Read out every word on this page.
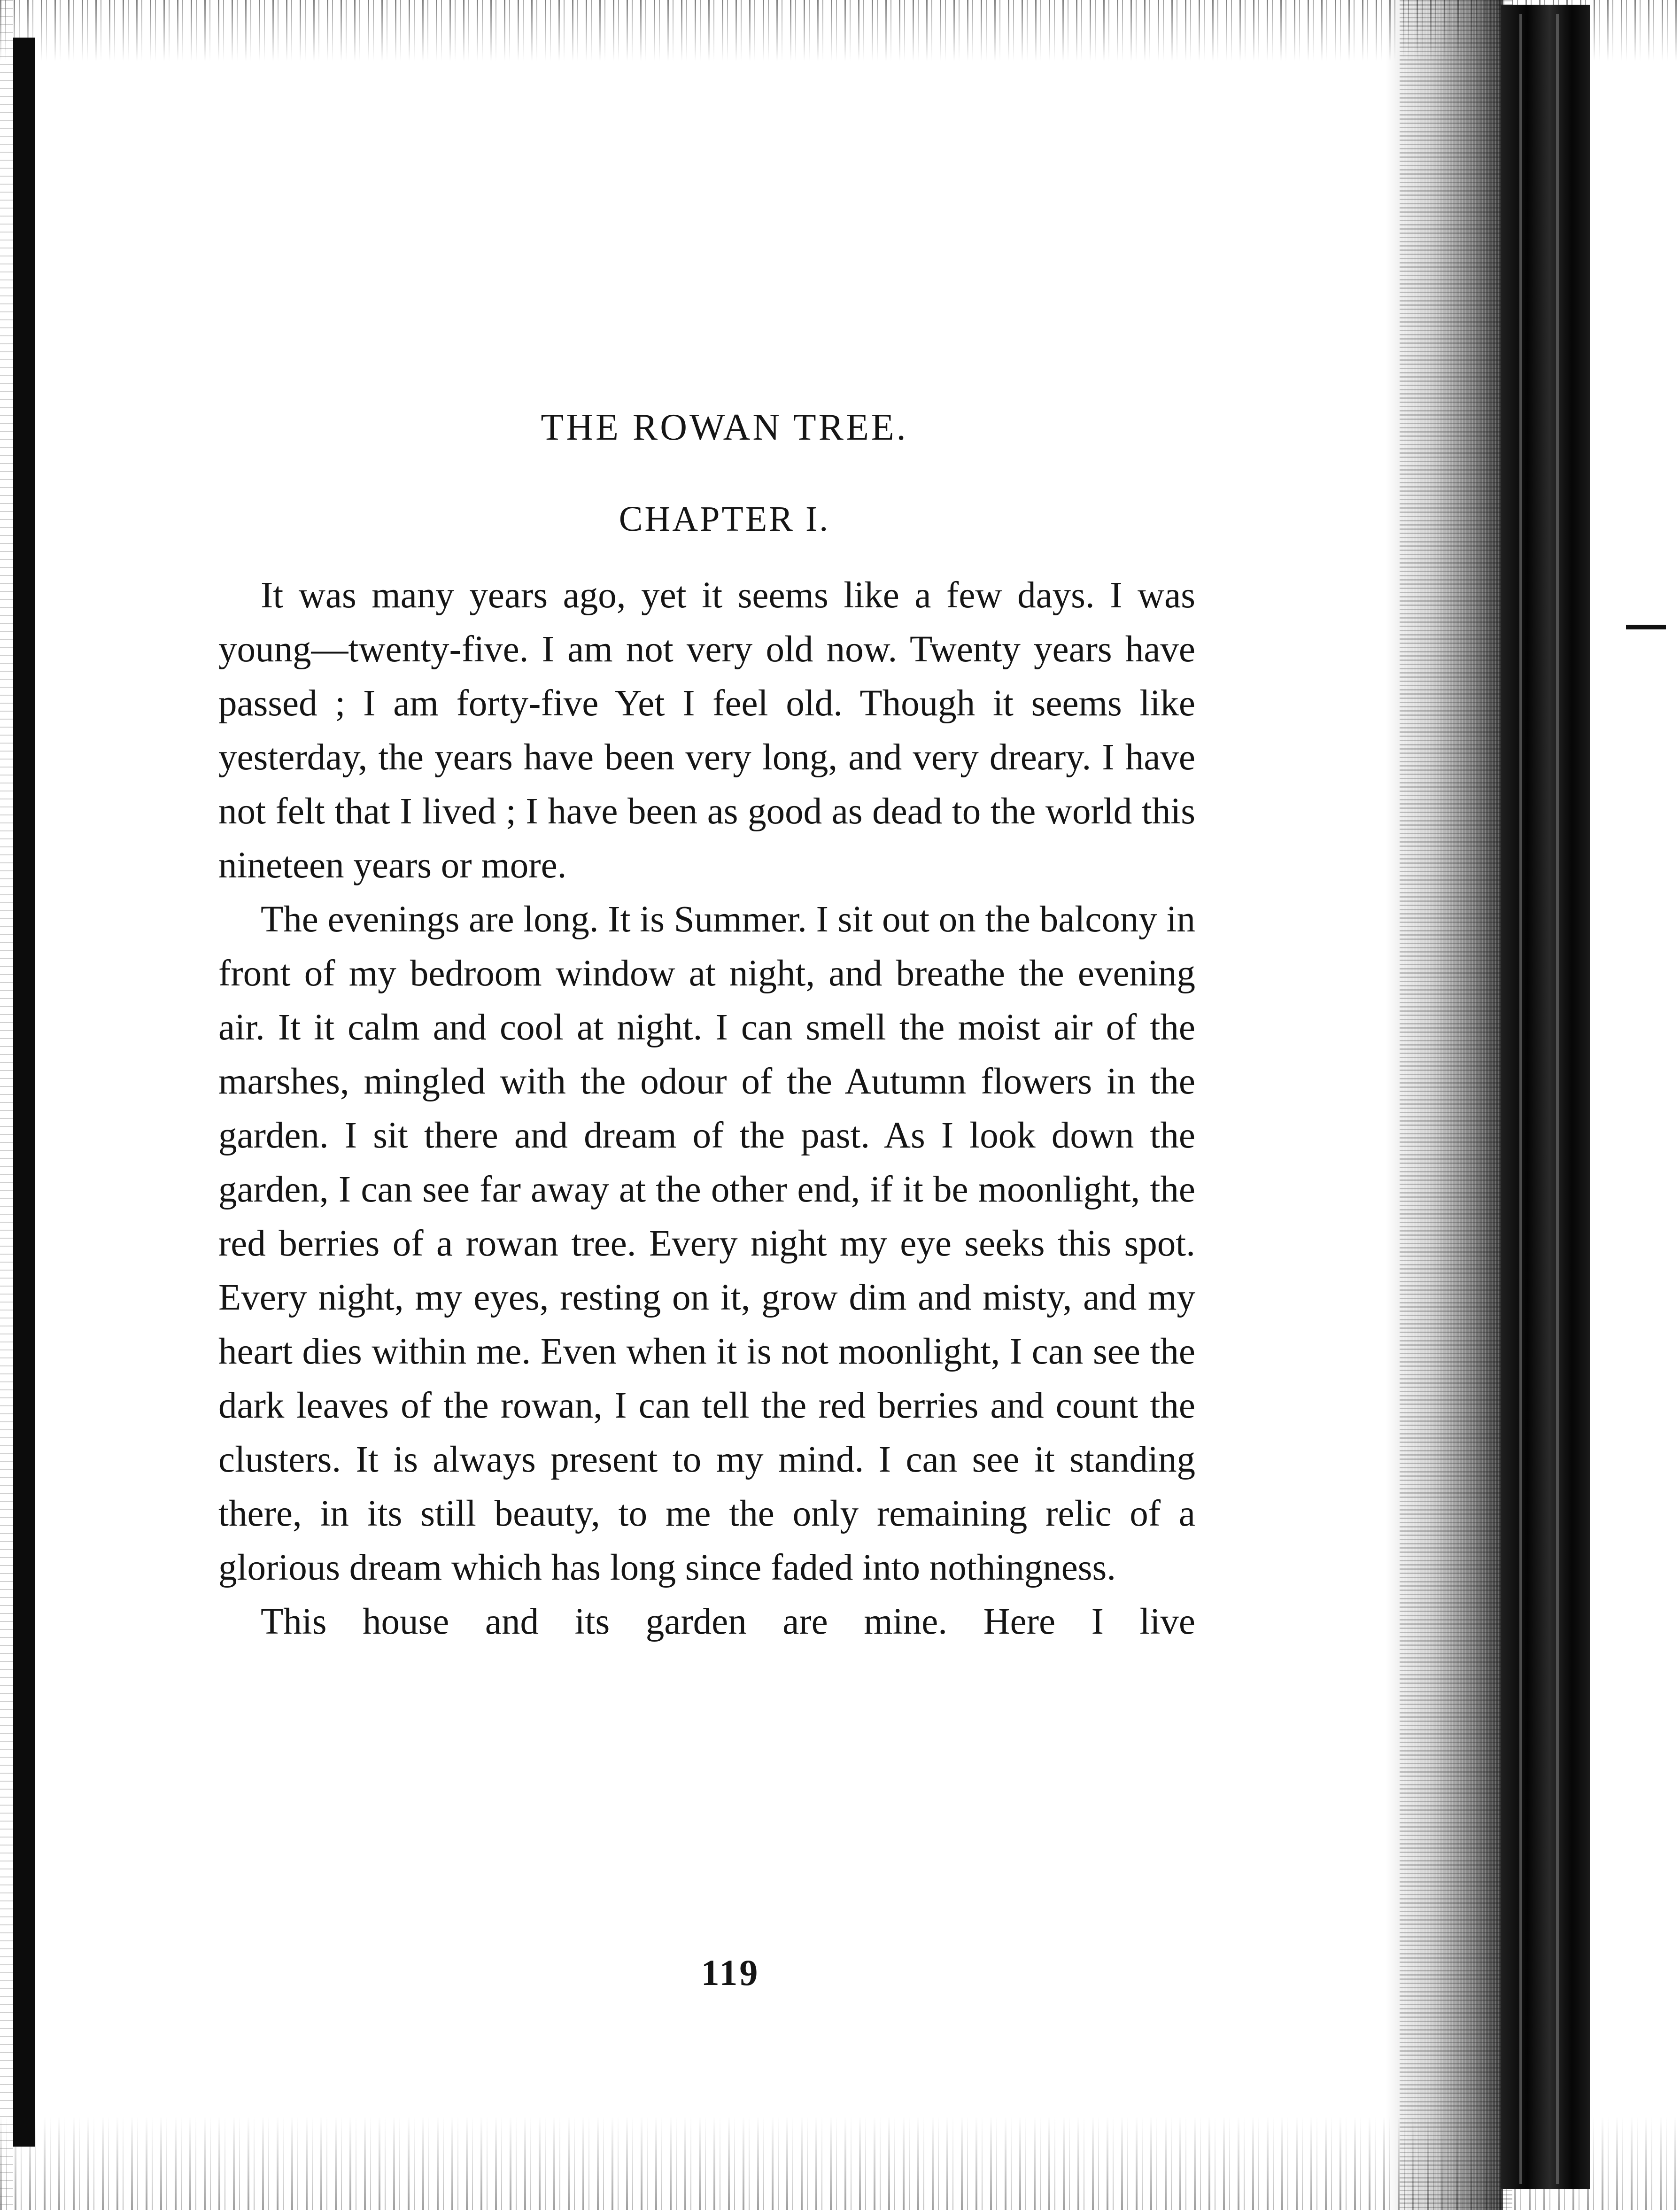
THE ROWAN TREE.
CHAPTER I.

It was many years ago, yet it seems like a few days. I was young—twenty-five. I am not very old now. Twenty years have passed ; I am forty-five Yet I feel old. Though it seems like yesterday, the years have been very long, and very dreary. I have not felt that I lived ; I have been as good as dead to the world this nineteen years or more.

The evenings are long. It is Summer. I sit out on the balcony in front of my bedroom window at night, and breathe the evening air. It it calm and cool at night. I can smell the moist air of the marshes, mingled with the odour of the Autumn flowers in the garden. I sit there and dream of the past. As I look down the garden, I can see far away at the other end, if it be moonlight, the red berries of a rowan tree. Every night my eye seeks this spot. Every night, my eyes, resting on it, grow dim and misty, and my heart dies within me. Even when it is not moonlight, I can see the dark leaves of the rowan, I can tell the red berries and count the clusters. It is always present to my mind. I can see it standing there, in its still beauty, to me the only remaining relic of a glorious dream which has long since faded into nothingness.

This house and its garden are mine. Here I live

119
